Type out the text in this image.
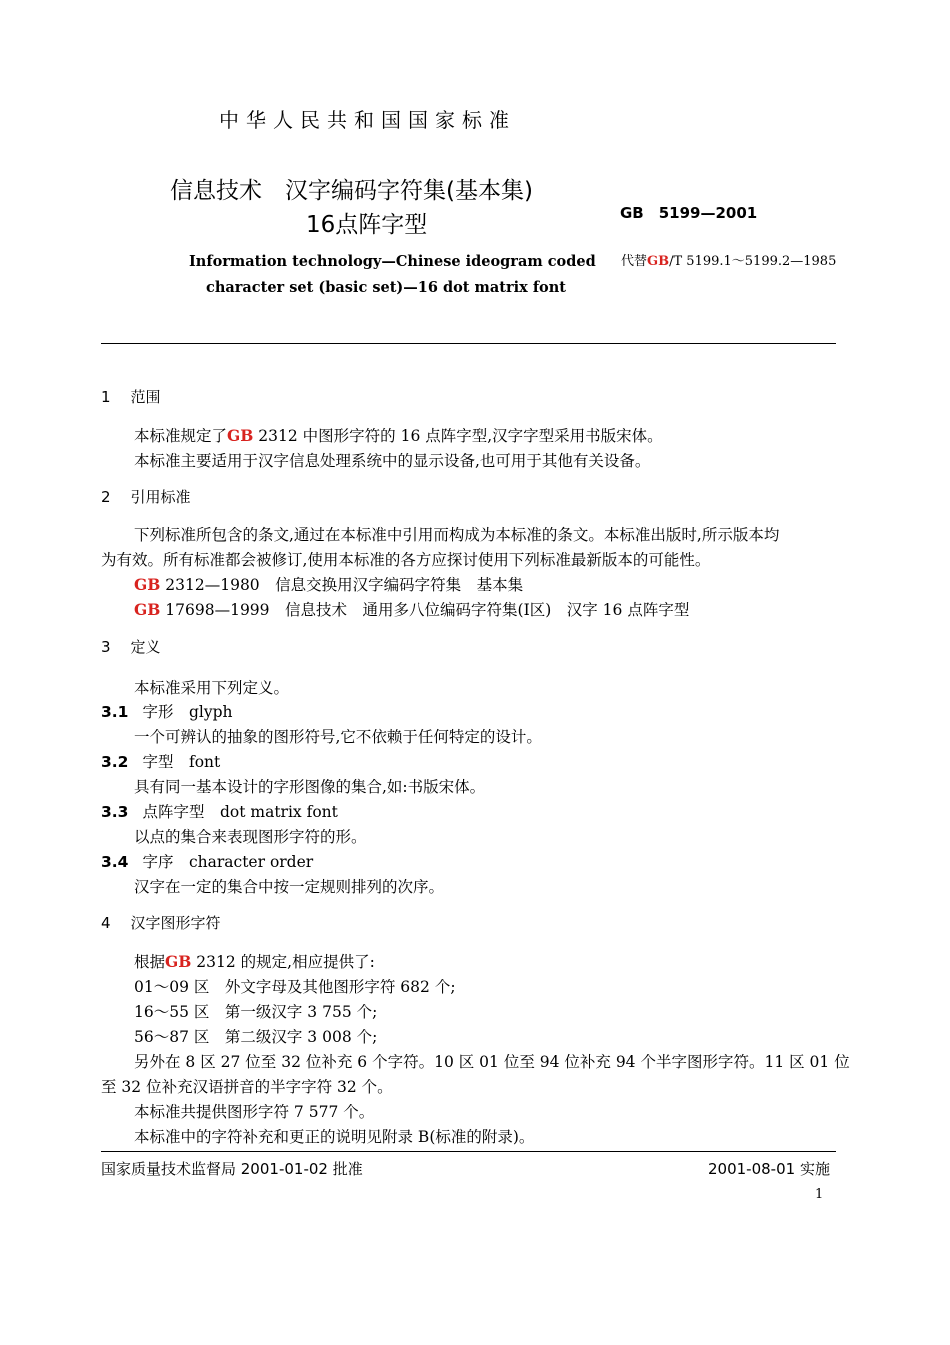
中华人民共和国国家标准
信息技术　汉字编码字符集(基本集)
16点阵字型	GB　5199—2001
Information technology—Chinese ideogram coded
character set (basic set)—16 dot matrix font
代替GB/T 5199.1～5199.2—1985
1 范围
本标准规定了GB 2312 中图形字符的 16 点阵字型,汉字字型采用书版宋体。
本标准主要适用于汉字信息处理系统中的显示设备,也可用于其他有关设备。
2 引用标准
下列标准所包含的条文,通过在本标准中引用而构成为本标准的条文。本标准出版时,所示版本均
为有效。所有标准都会被修订,使用本标准的各方应探讨使用下列标准最新版本的可能性。
GB 2312—1980　信息交换用汉字编码字符集　基本集
GB 17698—1999　信息技术　通用多八位编码字符集(Ⅰ区)　汉字 16 点阵字型
3 定义
本标准采用下列定义。
3.1 字形　glyph
一个可辨认的抽象的图形符号,它不依赖于任何特定的设计。
3.2 字型　font
具有同一基本设计的字形图像的集合,如:书版宋体。
3.3 点阵字型　dot matrix font
以点的集合来表现图形字符的形。
3.4 字序　character order
汉字在一定的集合中按一定规则排列的次序。
4 汉字图形字符
根据GB 2312 的规定,相应提供了:
01～09 区　外文字母及其他图形字符 682 个;
16～55 区　第一级汉字 3 755 个;
56～87 区　第二级汉字 3 008 个;
另外在 8 区 27 位至 32 位补充 6 个字符。10 区 01 位至 94 位补充 94 个半字图形字符。11 区 01 位
至 32 位补充汉语拼音的半字字符 32 个。
本标准共提供图形字符 7 577 个。
本标准中的字符补充和更正的说明见附录 B(标准的附录)。
国家质量技术监督局 2001-01-02 批准	2001-08-01 实施
1
